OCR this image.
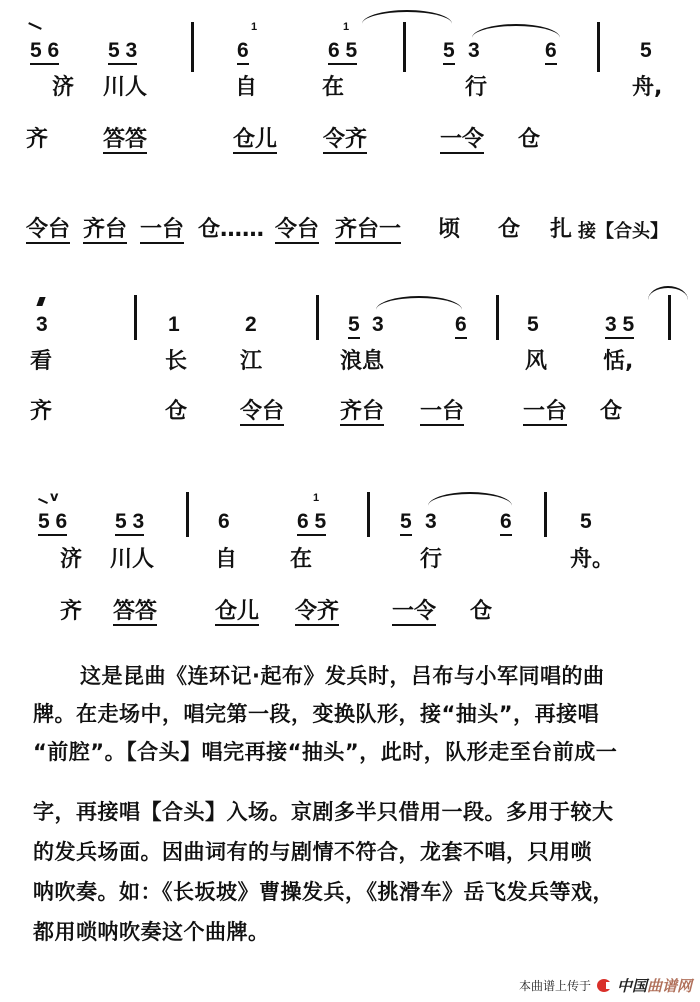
5 6 5 3
1
6
1
6 5	5 3	6	5
济 川人	自	在	行	舟,
齐 答答	仓儿 令齐	一令 仓
令台 齐台 一台 仓…… 令台 齐台一 顷 仓 扎 接【合头】
3	1	2	5 3	6	5	3 5
看	长 江	浪息	风	恬,
齐	仓 令台	齐台 一台	一台 仓
v
5 6 5 3	6
1
6 5	5 3	6	5
济 川人	自 在	行	舟。
齐 答答	仓儿 令齐 一令 仓
这是昆曲《连环记·起布》发兵时，吕布与小军同唱的曲
牌。在走场中，唱完第一段，变换队形，接“抽头”，再接唱
“前腔”。【合头】唱完再接“抽头”，此时，队形走至台前成一
字，再接唱【合头】入场。京剧多半只借用一段。多用于较大
的发兵场面。因曲词有的与剧情不符合，龙套不唱，只用唢
呐吹奏。如：《长坂坡》曹操发兵，《挑滑车》岳飞发兵等戏，
都用唢呐吹奏这个曲牌。
本曲谱上传于 中国 曲谱网
